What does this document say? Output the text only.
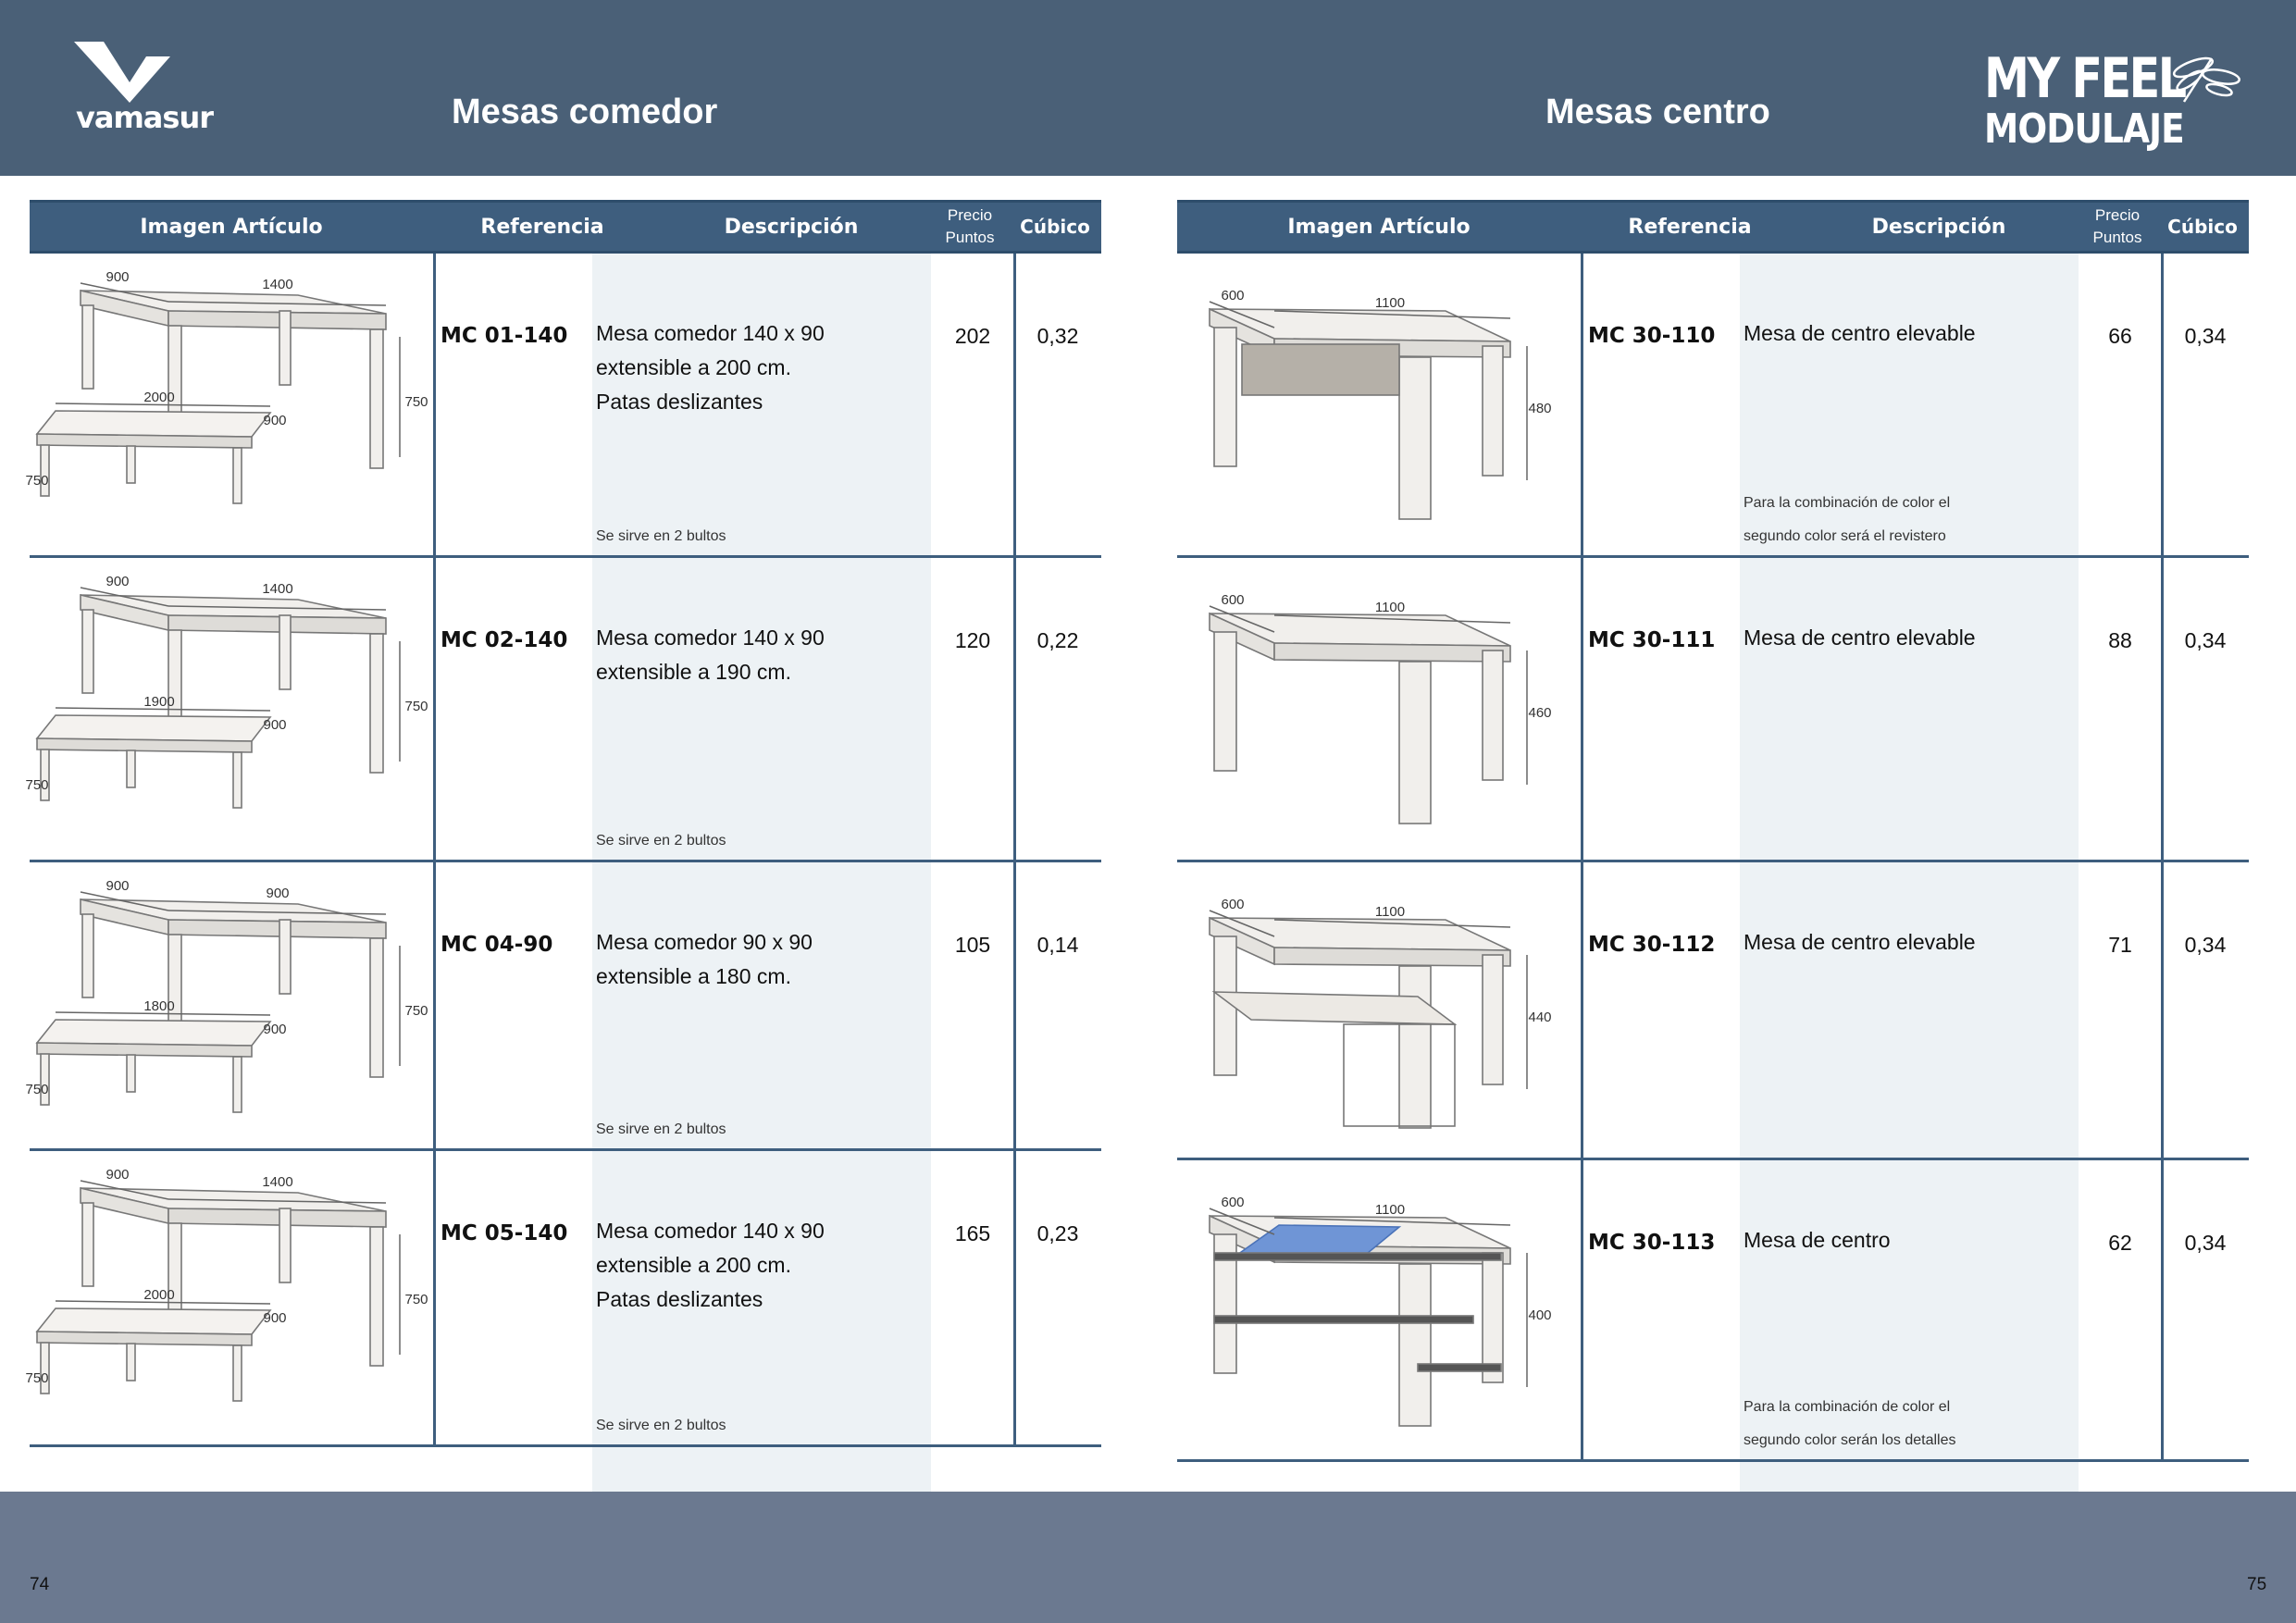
vamasur	Mesas comedor	Mesas centro
MY FEEL
MODULAJE
Imagen Artículo	Referencia	Descripción	Precio
Puntos	Cúbico
900	1400
750
2000
900
750
MC 01-140 Mesa comedor 140 x 90
extensible a 200 cm.
Patas deslizantes
Se sirve en 2 bultos
202	0,32
900	1400
750
1900
900
750
MC 02-140 Mesa comedor 140 x 90
extensible a 190 cm.
Se sirve en 2 bultos
120	0,22
900	900
750
1800
900
750
MC 04-90 Mesa comedor 90 x 90
extensible a 180 cm.
Se sirve en 2 bultos
105	0,14
900	1400
750
2000
900
750
MC 05-140 Mesa comedor 140 x 90
extensible a 200 cm.
Patas deslizantes
Se sirve en 2 bultos
165	0,23
Imagen Artículo	Referencia	Descripción	Precio
Puntos	Cúbico
600	1100
480
MC 30-110 Mesa de centro elevable
Para la combinación de color el
segundo color será el revistero
66	0,34
600	1100
460
MC 30-111 Mesa de centro elevable	88	0,34
600	1100
440
MC 30-112 Mesa de centro elevable	71	0,34
600	1100
400
MC 30-113 Mesa de centro
Para la combinación de color el
segundo color serán los detalles
62	0,34
74	75
